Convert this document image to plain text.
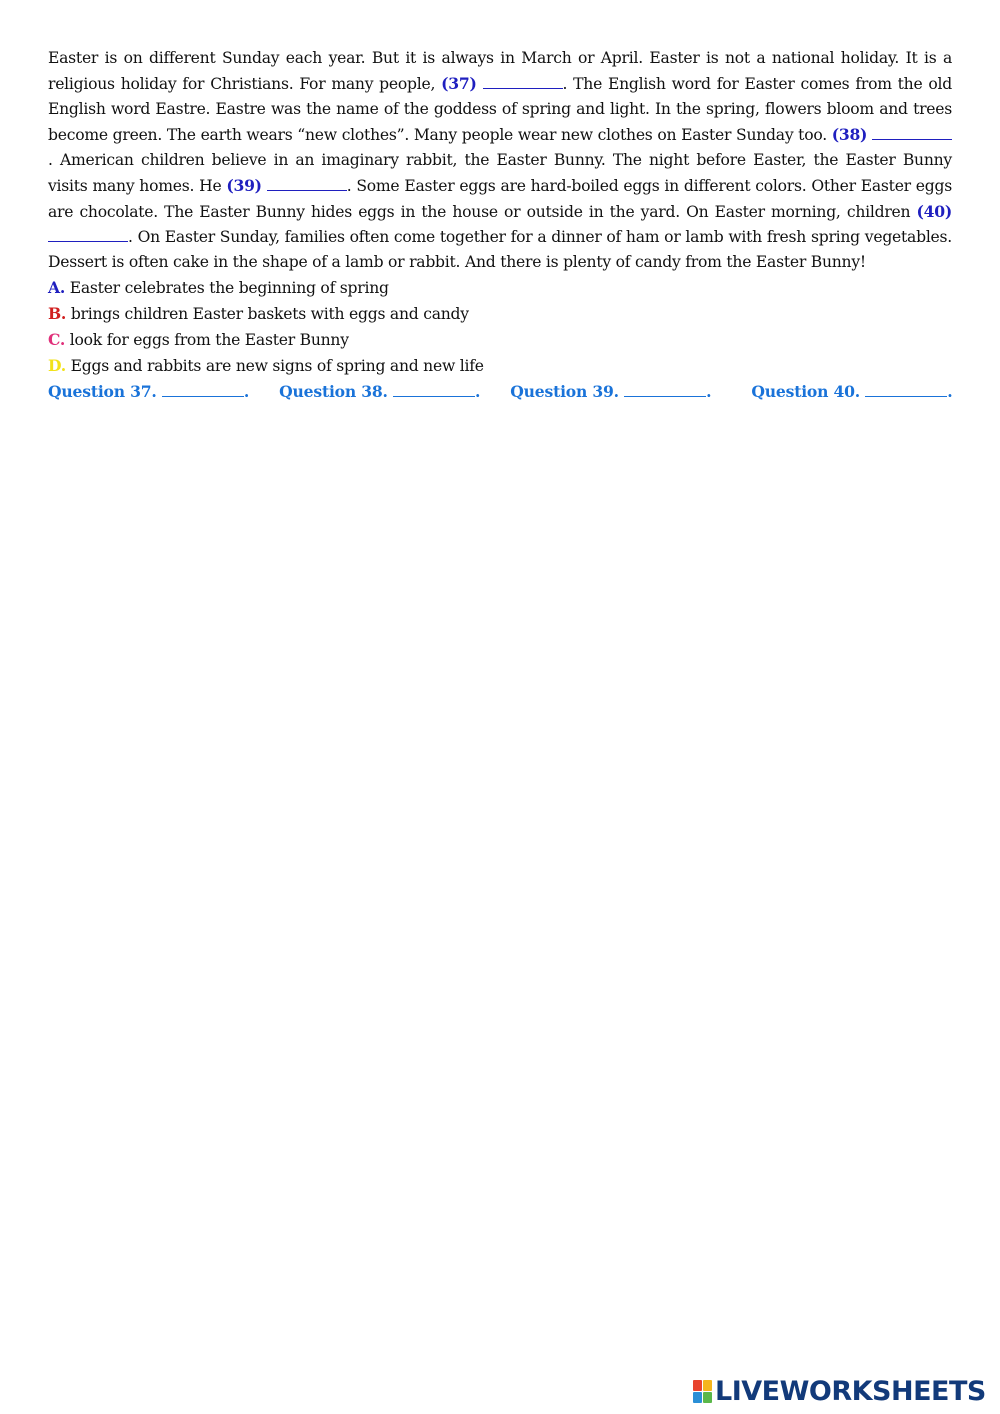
Easter is on different Sunday each year. But it is always in March or April. Easter is not a national holiday. It is a religious holiday for Christians. For many people, (37)	. The English word for Easter comes from the old English word Eastre. Eastre was the name of the goddess of spring and light. In the spring, flowers bloom and trees become green. The earth wears “new clothes”. Many people wear new clothes on Easter Sunday too. (38) . American children believe in an imaginary rabbit, the Easter Bunny. The night before Easter, the Easter Bunny visits many homes. He (39)	. Some Easter eggs are hard-boiled eggs in different colors. Other Easter eggs are chocolate. The Easter Bunny hides eggs in the house or outside in the yard. On Easter morning, children (40) . On Easter Sunday, families often come together for a dinner of ham or lamb with fresh spring vegetables. Dessert is often cake in the shape of a lamb or rabbit. And there is plenty of candy from the Easter Bunny!

A. Easter celebrates the beginning of spring
B. brings children Easter baskets with eggs and candy
C. look for eggs from the Easter Bunny
D. Eggs and rabbits are new signs of spring and new life
Question 37.	. Question 38.	. Question 39.	.	Question 40.	.
LIVEWORKSHEETS
